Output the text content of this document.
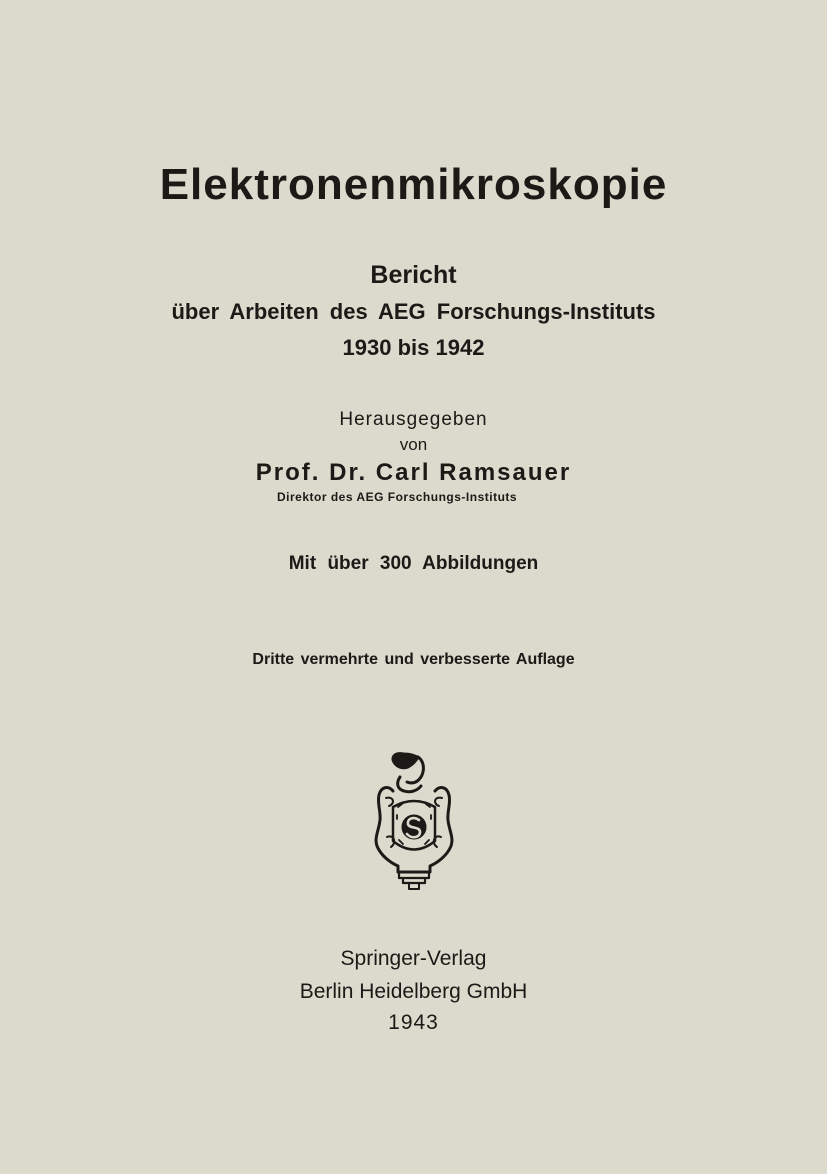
Elektronenmikroskopie
Bericht
über Arbeiten des AEG Forschungs-Instituts
1930 bis 1942
Herausgegeben
von
Prof. Dr. Carl Ramsauer
Direktor des AEG Forschungs-Instituts
Mit über 300 Abbildungen
Dritte vermehrte und verbesserte Auflage
Springer-Verlag
Berlin Heidelberg GmbH
1943
